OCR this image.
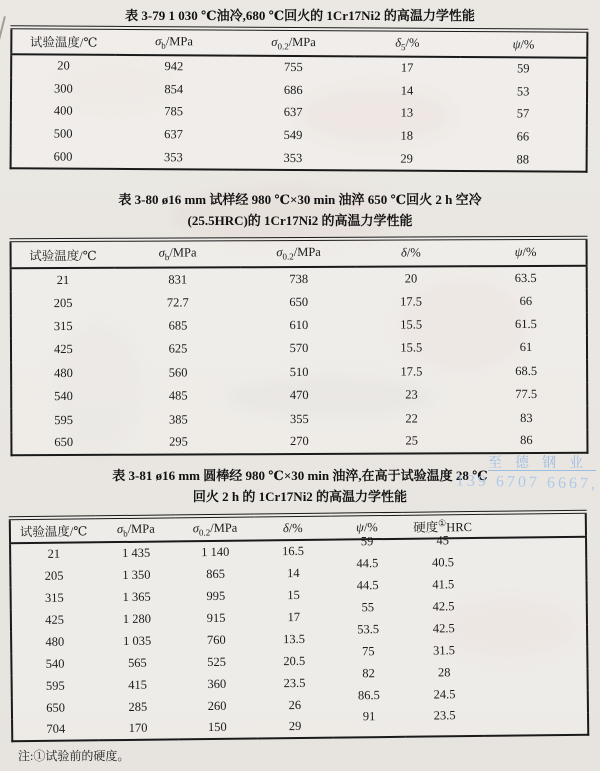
表 3-79 1 030 ℃油冷,680 ℃回火的 1Cr17Ni2 的高温力学性能
试验温度/℃	$\sigma_b$/MPa	$\sigma_{0.2}$/MPa	$\delta_5/\%$	ψ/%
20	942	755	17	59
300	854	686	14	53
400	785	637	13	57
500	637	549	18	66
600	353	353	29	88
表 3-80 ø16 mm 试样经 980 ℃×30 min 油淬 650 ℃回火 2 h 空冷
(25.5HRC)的 1Cr17Ni2 的高温力学性能
试验温度/℃	$\sigma_b$/MPa	$\sigma_{0.2}$/MPa	δ/%	ψ/%
21	831	738	20	63.5
205	72.7	650	17.5	66
315	685	610	15.5	61.5
425	625	570	15.5	61
480	560	510	17.5	68.5
540	485	470	23	77.5
595	385	355	22	83
650	295	270	25	86
表 3-81 ø16 mm 圆棒经 980 ℃×30 min 油淬,在高于试验温度 28 ℃
回火 2 h 的 1Cr17Ni2 的高温力学性能
试验温度/℃	$\sigma_b$/MPa	$\sigma_{0.2}$/MPa	δ/%	ψ/%	硬度①HRC	
21	1 435	1 140	16.5	59	45	
205	1 350	865	14	44.5	40.5	
315	1 365	995	15	44.5	41.5	
425	1 280	915	17	55	42.5	
480	1 035	760	13.5	53.5	42.5	
540	565	525	20.5	75	31.5	
595	415	360	23.5	82	28	
650	285	260	26	86.5	24.5	
704	170	150	29	91	23.5	
注:①试验前的硬度。
至德钢业
139 6707 6667,
